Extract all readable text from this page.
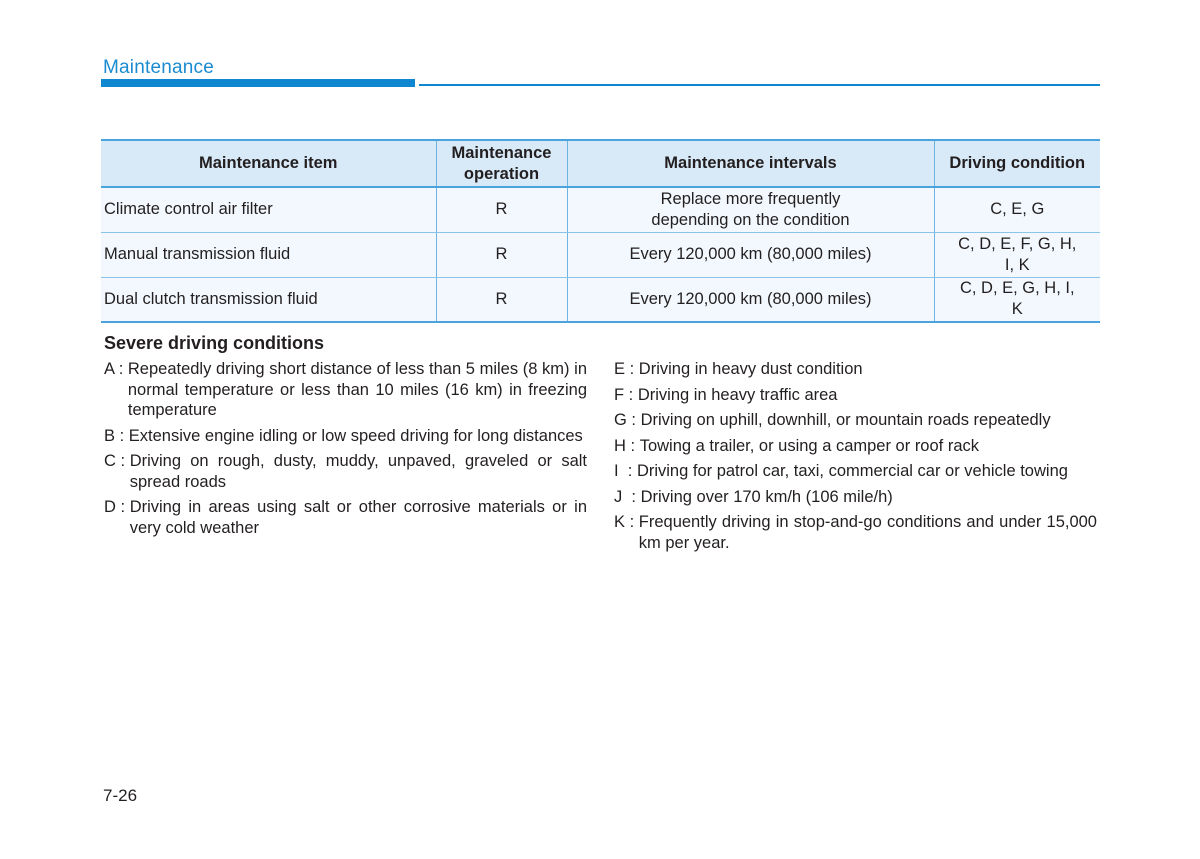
Maintenance
Maintenance item	Maintenance operation	Maintenance intervals	Driving condition
Climate control air filter	R	Replace more frequently depending on the condition	C, E, G
Manual transmission fluid	R	Every 120,000 km (80,000 miles)	C, D, E, F, G, H, I, K
Dual clutch transmission fluid	R	Every 120,000 km (80,000 miles)	C, D, E, G, H, I, K
Severe driving conditions
A : Repeatedly driving short distance of less than 5 miles (8 km) in normal temperature or less than 10 miles (16 km) in freezing temperature
B : Extensive engine idling or low speed driving for long distances
C : Driving on rough, dusty, muddy, unpaved, graveled or salt spread roads
D : Driving in areas using salt or other corrosive materials or in very cold weather
E : Driving in heavy dust condition
F : Driving in heavy traffic area
G : Driving on uphill, downhill, or mountain roads repeatedly
H : Towing a trailer, or using a camper or roof rack
I  : Driving for patrol car, taxi, commercial car or vehicle towing
J  : Driving over 170 km/h (106 mile/h)
K : Frequently driving in stop-and-go conditions and under 15,000 km per year.
7-26
